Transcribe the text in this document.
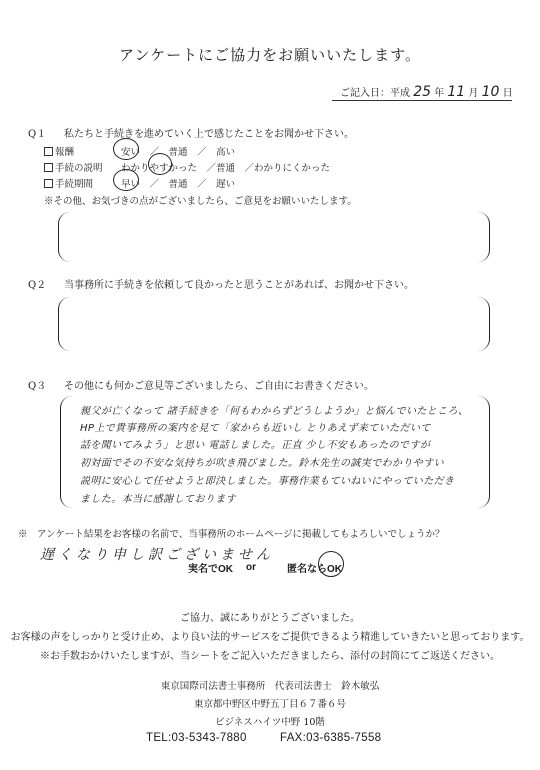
アンケートにご協力をお願いいたします。
ご記入日：平成 25 年 11 月 10 日
Q１ 私たちと手続きを進めていく上で感じたことをお聞かせ下さい。
報酬	安い　／　普通　／　高い
手続の説明 わかりやすかった　／普通　／わかりにくかった
手続期間	早い　／　普通　／　遅い
※その他、お気づきの点がございましたら、ご意見をお願いいたします。
Q２ 当事務所に手続きを依頼して良かったと思うことがあれば、お聞かせ下さい。
Q３ その他にも何かご意見等ございましたら、ご自由にお書きください。
親父が亡くなって 諸手続きを「何もわからずどうしようか」と悩んでいたところ、
HP上で貴事務所の案内を見て「家からも近いし とりあえず来ていただいて
話を聞いてみよう」と思い 電話しました。正直 少し不安もあったのですが
初対面でその不安な気持ちが吹き飛びました。鈴木先生の誠実でわかりやすい
説明に安心して任せようと即決しました。事務作業もていねいにやっていただき
ました。本当に感謝しております
※　アンケート結果をお客様の名前で、当事務所のホームページに掲載してもよろしいでしょうか？
遅くなり申し訳ございません
実名でOK or	匿名ならOK
ご協力、誠にありがとうございました。
お客様の声をしっかりと受け止め、より良い法的サービスをご提供できるよう精進していきたいと思っております。
※お手数おかけいたしますが、当シートをご記入いただきましたら、添付の封筒にてご返送ください。
東京国際司法書士事務所　代表司法書士　鈴木敏弘
東京都中野区中野五丁目６７番６号
ビジネスハイツ中野 10階
TEL:03-5343-7880	FAX:03-6385-7558
